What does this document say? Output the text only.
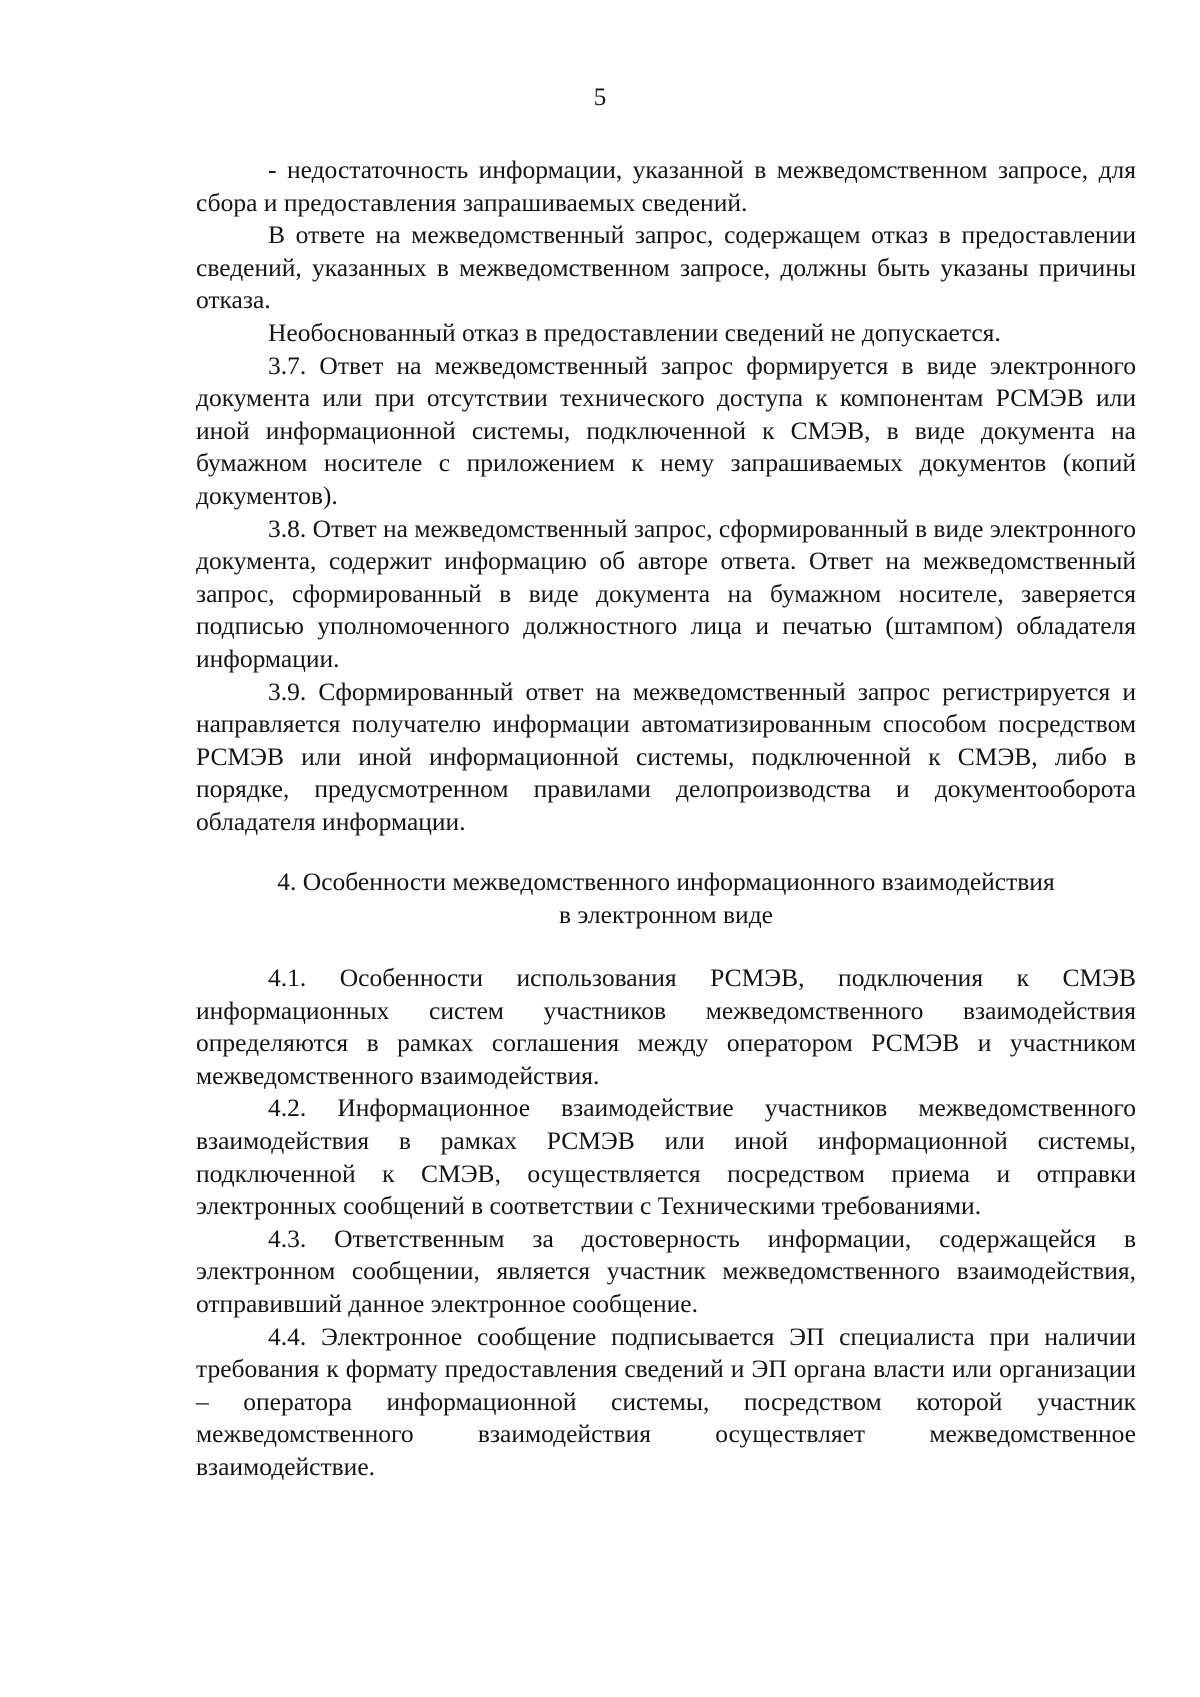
5

- недостаточность информации, указанной в межведомственном запросе, для сбора и предоставления запрашиваемых сведений.

В ответе на межведомственный запрос, содержащем отказ в предоставлении сведений, указанных в межведомственном запросе, должны быть указаны причины отказа.

Необоснованный отказ в предоставлении сведений не допускается.

3.7. Ответ на межведомственный запрос формируется в виде электронного документа или при отсутствии технического доступа к компонентам РСМЭВ или иной информационной системы, подключенной к СМЭВ, в виде документа на бумажном носителе с приложением к нему запрашиваемых документов (копий документов).

3.8. Ответ на межведомственный запрос, сформированный в виде электронного документа, содержит информацию об авторе ответа. Ответ на межведомственный запрос, сформированный в виде документа на бумажном носителе, заверяется подписью уполномоченного должностного лица и печатью (штампом) обладателя информации.

3.9. Сформированный ответ на межведомственный запрос регистрируется и направляется получателю информации автоматизированным способом посредством РСМЭВ или иной информационной системы, подключенной к СМЭВ, либо в порядке, предусмотренном правилами делопроизводства и документооборота обладателя информации.

4. Особенности межведомственного информационного взаимодействия
в электронном виде

4.1. Особенности использования РСМЭВ, подключения к СМЭВ информационных систем участников межведомственного взаимодействия определяются в рамках соглашения между оператором РСМЭВ и участником межведомственного взаимодействия.

4.2. Информационное взаимодействие участников межведомственного взаимодействия в рамках РСМЭВ или иной информационной системы, подключенной к СМЭВ, осуществляется посредством приема и отправки электронных сообщений в соответствии с Техническими требованиями.

4.3. Ответственным за достоверность информации, содержащейся в электронном сообщении, является участник межведомственного взаимодействия, отправивший данное электронное сообщение.

4.4. Электронное сообщение подписывается ЭП специалиста при наличии требования к формату предоставления сведений и ЭП органа власти или организации – оператора информационной системы, посредством которой участник межведомственного взаимодействия осуществляет межведомственное взаимодействие.
